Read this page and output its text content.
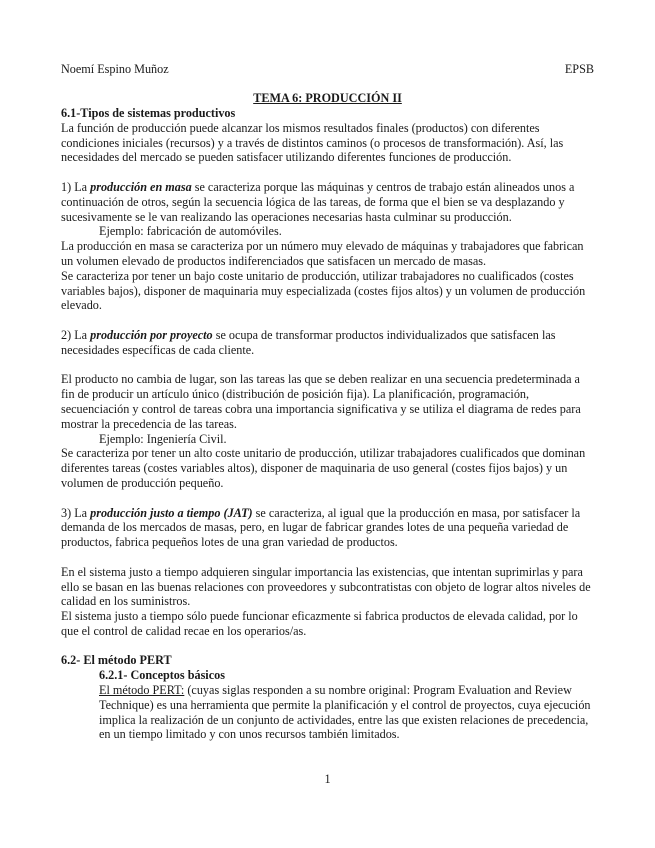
Noemí Espino Muñoz	EPSB
TEMA 6: PRODUCCIÓN II

6.1-Tipos de sistemas productivos

La función de producción puede alcanzar los mismos resultados finales (productos) con diferentes condiciones iniciales (recursos) y a través de distintos caminos (o procesos de transformación). Así, las necesidades del mercado se pueden satisfacer utilizando diferentes funciones de producción.

1) La producción en masa se caracteriza porque las máquinas y centros de trabajo están alineados unos a continuación de otros, según la secuencia lógica de las tareas, de forma que el bien se va desplazando y sucesivamente se le van realizando las operaciones necesarias hasta culminar su producción.

Ejemplo: fabricación de automóviles.

La producción en masa se caracteriza por un número muy elevado de máquinas y trabajadores que fabrican un volumen elevado de productos indiferenciados que satisfacen un mercado de masas.

Se caracteriza por tener un bajo coste unitario de producción, utilizar trabajadores no cualificados (costes variables bajos), disponer de maquinaria muy especializada (costes fijos altos) y un volumen de producción elevado.

2) La producción por proyecto se ocupa de transformar productos individualizados que satisfacen las necesidades específicas de cada cliente.

El producto no cambia de lugar, son las tareas las que se deben realizar en una secuencia predeterminada a fin de producir un artículo único (distribución de posición fija). La planificación, programación, secuenciación y control de tareas cobra una importancia significativa y se utiliza el diagrama de redes para mostrar la precedencia de las tareas.

Ejemplo: Ingeniería Civil.

Se caracteriza por tener un alto coste unitario de producción, utilizar trabajadores cualificados que dominan diferentes tareas (costes variables altos), disponer de maquinaria de uso general (costes fijos bajos) y un volumen de producción pequeño.

3) La producción justo a tiempo (JAT) se caracteriza, al igual que la producción en masa, por satisfacer la demanda de los mercados de masas, pero, en lugar de fabricar grandes lotes de una pequeña variedad de productos, fabrica pequeños lotes de una gran variedad de productos.

En el sistema justo a tiempo adquieren singular importancia las existencias, que intentan suprimirlas y para ello se basan en las buenas relaciones con proveedores y subcontratistas con objeto de lograr altos niveles de calidad en los suministros.

El sistema justo a tiempo sólo puede funcionar eficazmente si fabrica productos de elevada calidad, por lo que el control de calidad recae en los operarios/as.

6.2- El método PERT

6.2.1- Conceptos básicos

El método PERT: (cuyas siglas responden a su nombre original: Program Evaluation and Review Technique) es una herramienta que permite la planificación y el control de proyectos, cuya ejecución implica la realización de un conjunto de actividades, entre las que existen relaciones de precedencia, en un tiempo limitado y con unos recursos también limitados.

1
